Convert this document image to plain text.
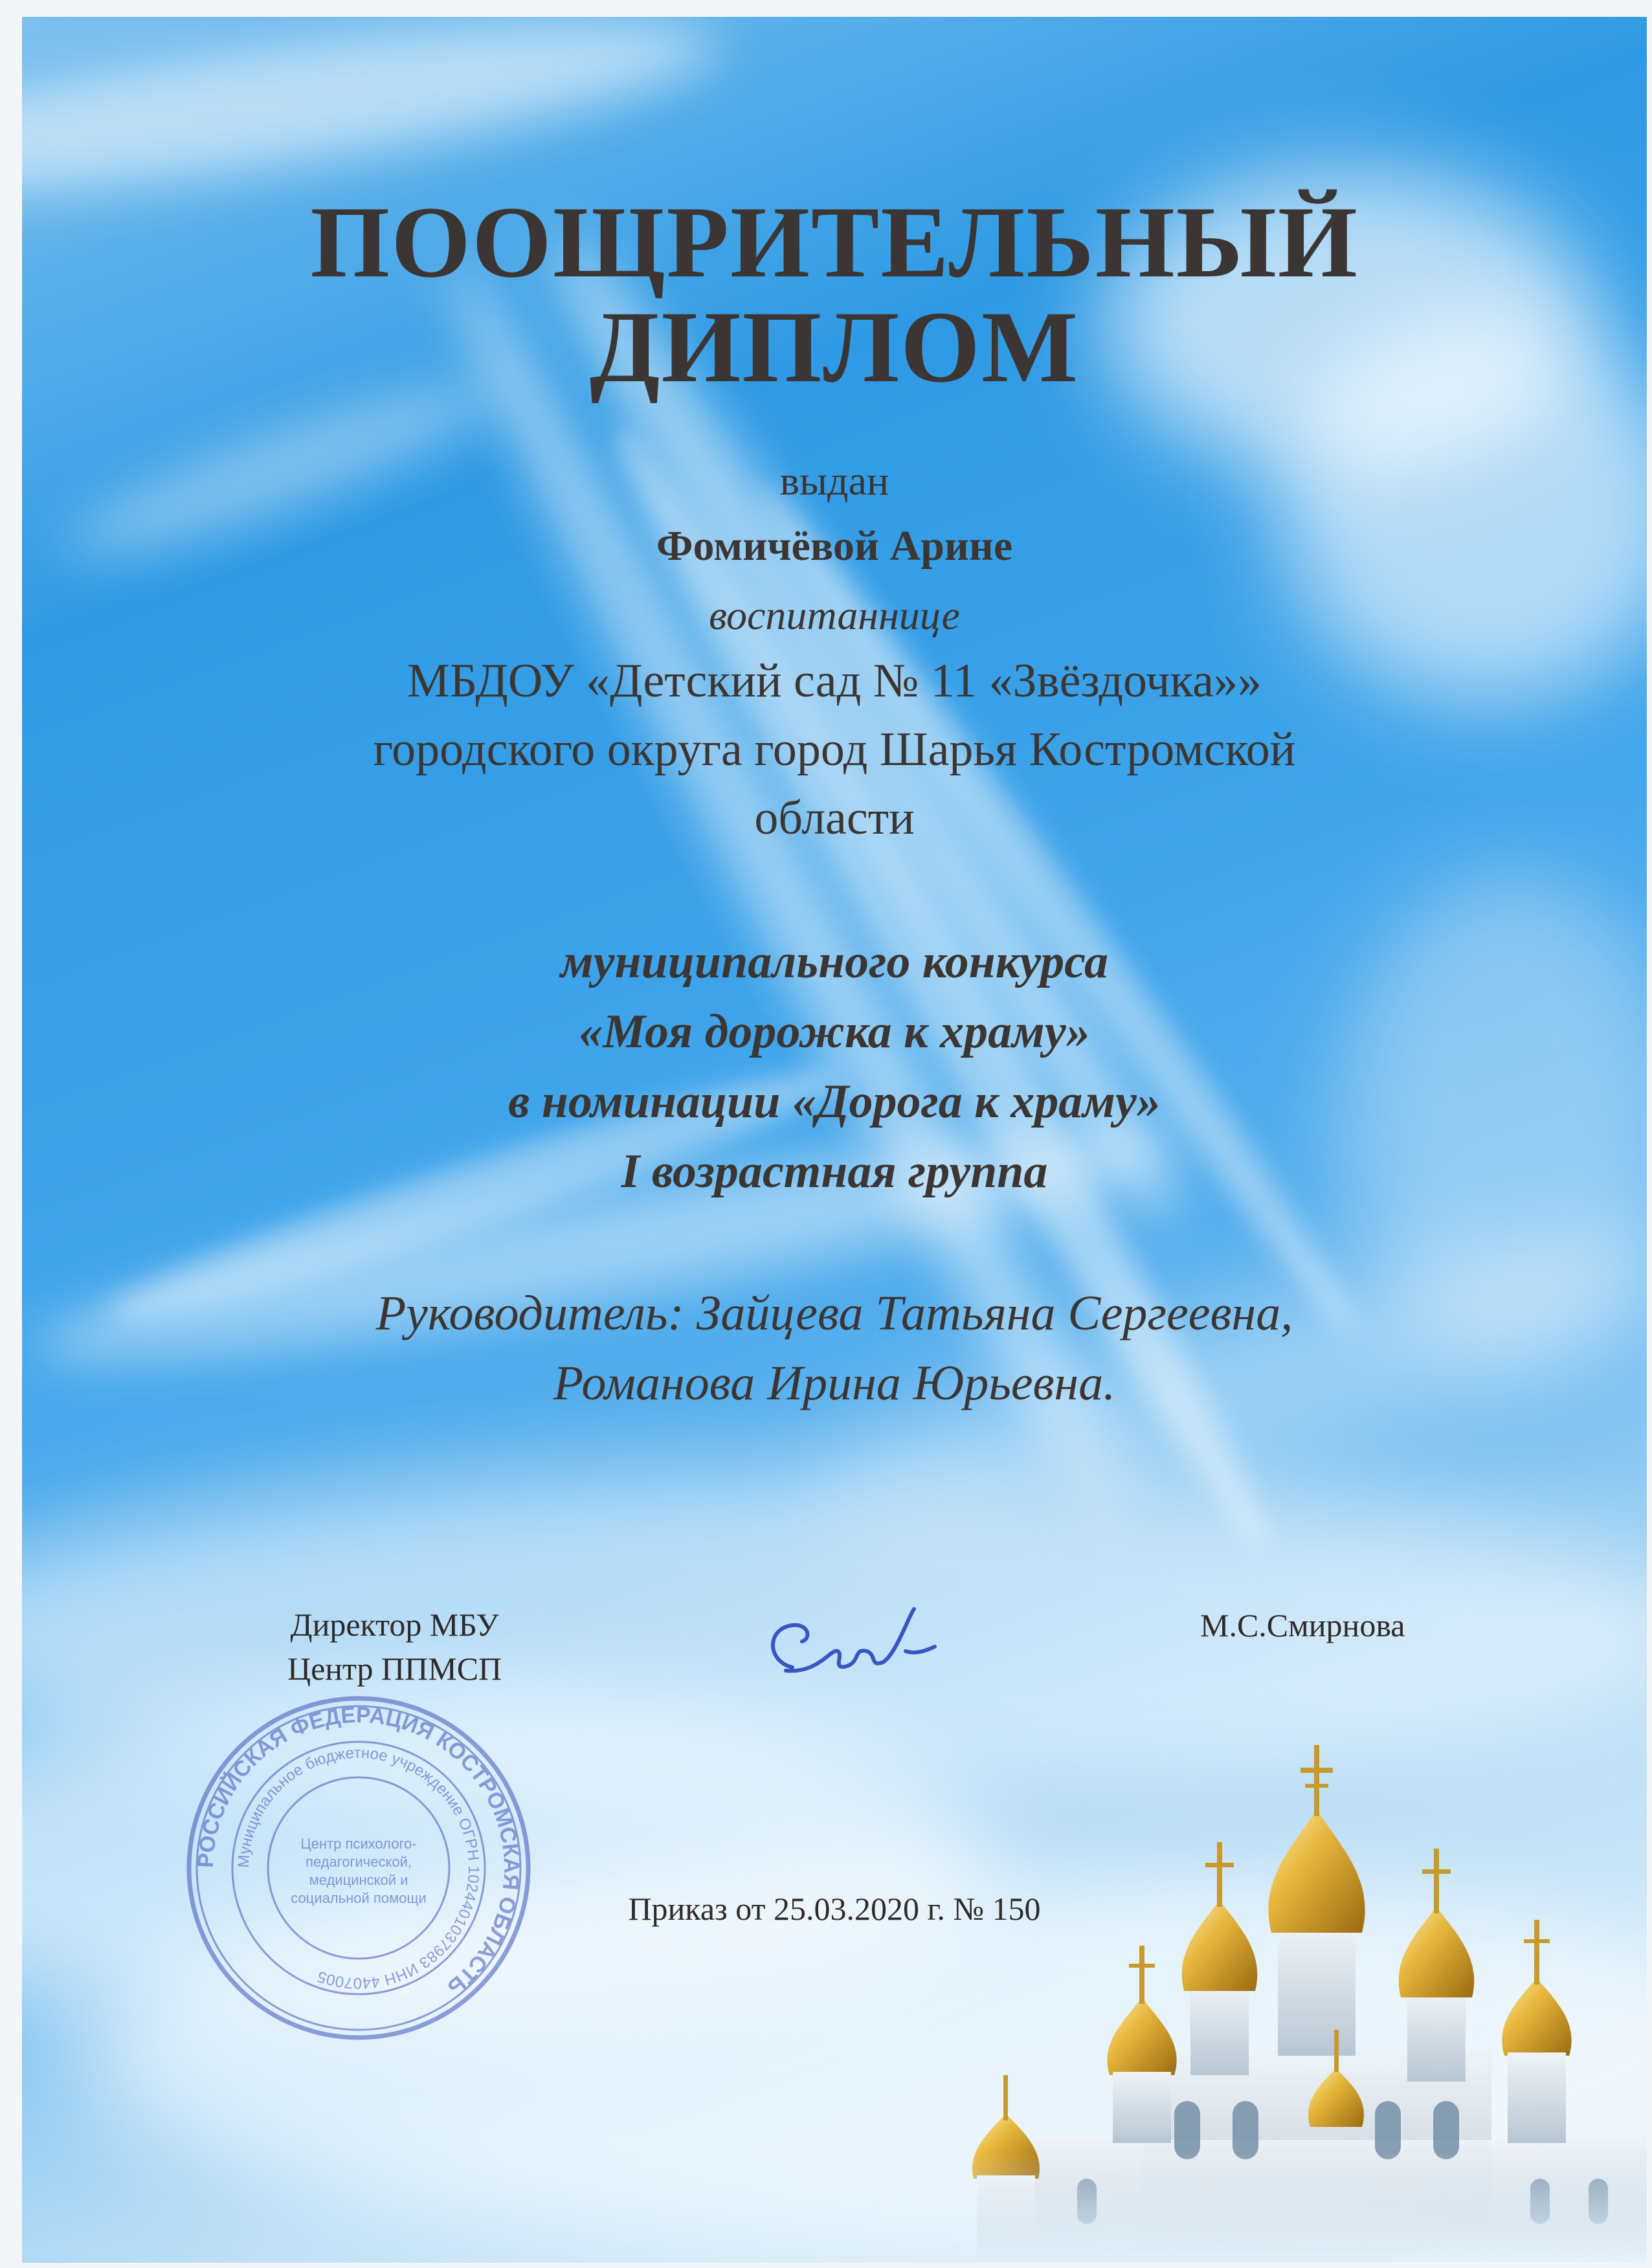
ПООЩРИТЕЛЬНЫЙ
ДИПЛОМ
выдан
Фомичёвой Арине
воспитаннице
МБДОУ «Детский сад № 11 «Звёздочка»»
городского округа город Шарья Костромской
области
муниципального конкурса
«Моя дорожка к храму»
в номинации «Дорога к храму»
I возрастная группа
Руководитель: Зайцева Татьяна Сергеевна,
Романова Ирина Юрьевна.
Директор МБУ
Центр ППМСП
М.С.Смирнова
РОССИЙСКАЯ ФЕДЕРАЦИЯ КОСТРОМСКАЯ ОБЛАСТЬ
Муниципальное бюджетное учреждение ОГРН 1024401037983 ИНН 4407005
Центр психолого-
педагогической,
медицинской и
социальной помощи	Приказ от 25.03.2020 г. № 150
